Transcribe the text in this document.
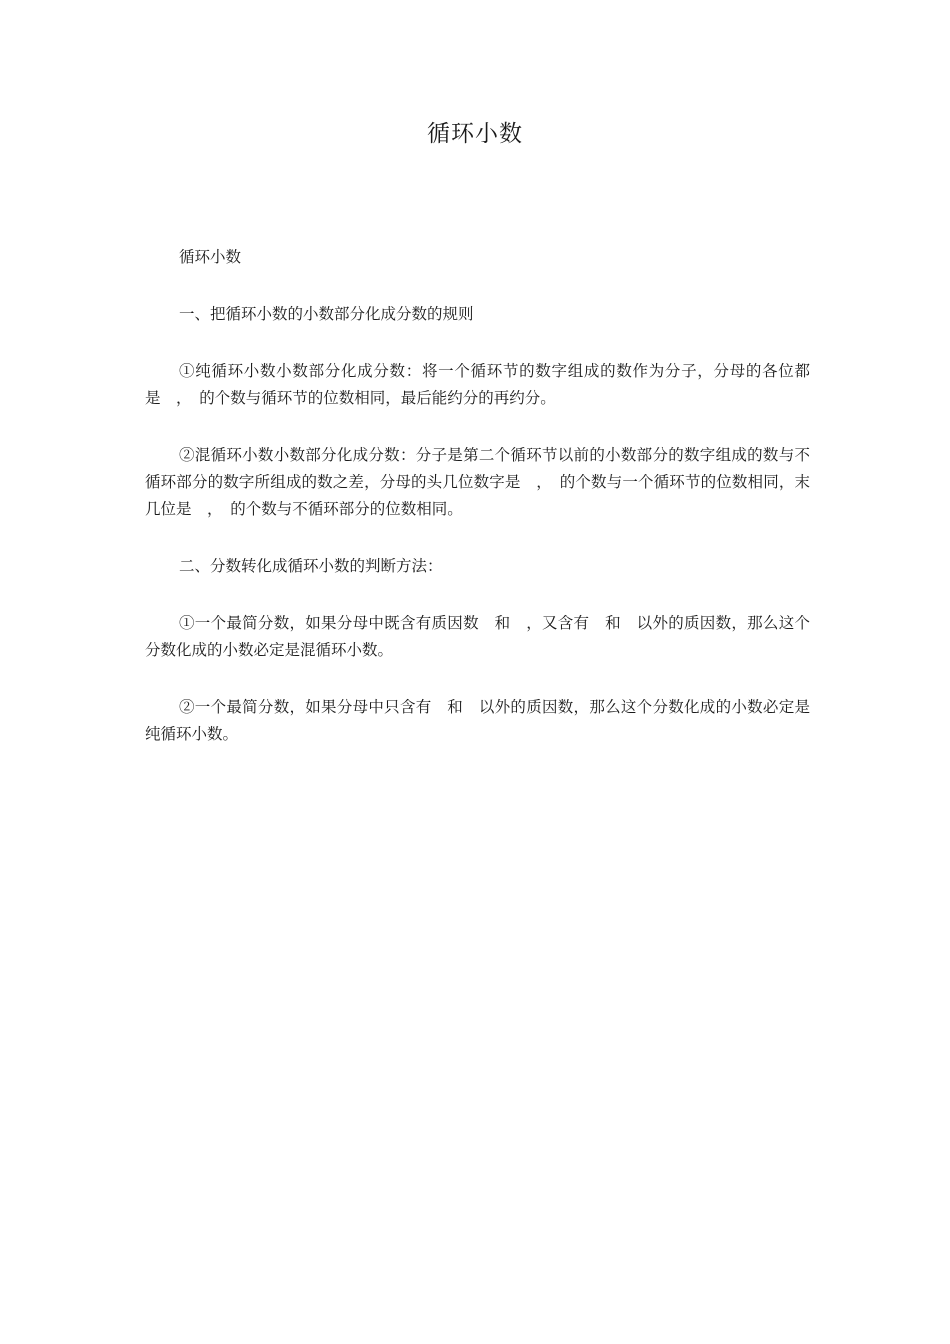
循环小数

循环小数

一、把循环小数的小数部分化成分数的规则

①纯循环小数小数部分化成分数：将一个循环节的数字组成的数作为分子，分母的各位都是　，　的个数与循环节的位数相同，最后能约分的再约分。

②混循环小数小数部分化成分数：分子是第二个循环节以前的小数部分的数字组成的数与不循环部分的数字所组成的数之差，分母的头几位数字是　，　的个数与一个循环节的位数相同，末几位是　，　的个数与不循环部分的位数相同。

二、分数转化成循环小数的判断方法：

①一个最简分数，如果分母中既含有质因数　和　，又含有　和　以外的质因数，那么这个分数化成的小数必定是混循环小数。

②一个最简分数，如果分母中只含有　和　以外的质因数，那么这个分数化成的小数必定是纯循环小数。
